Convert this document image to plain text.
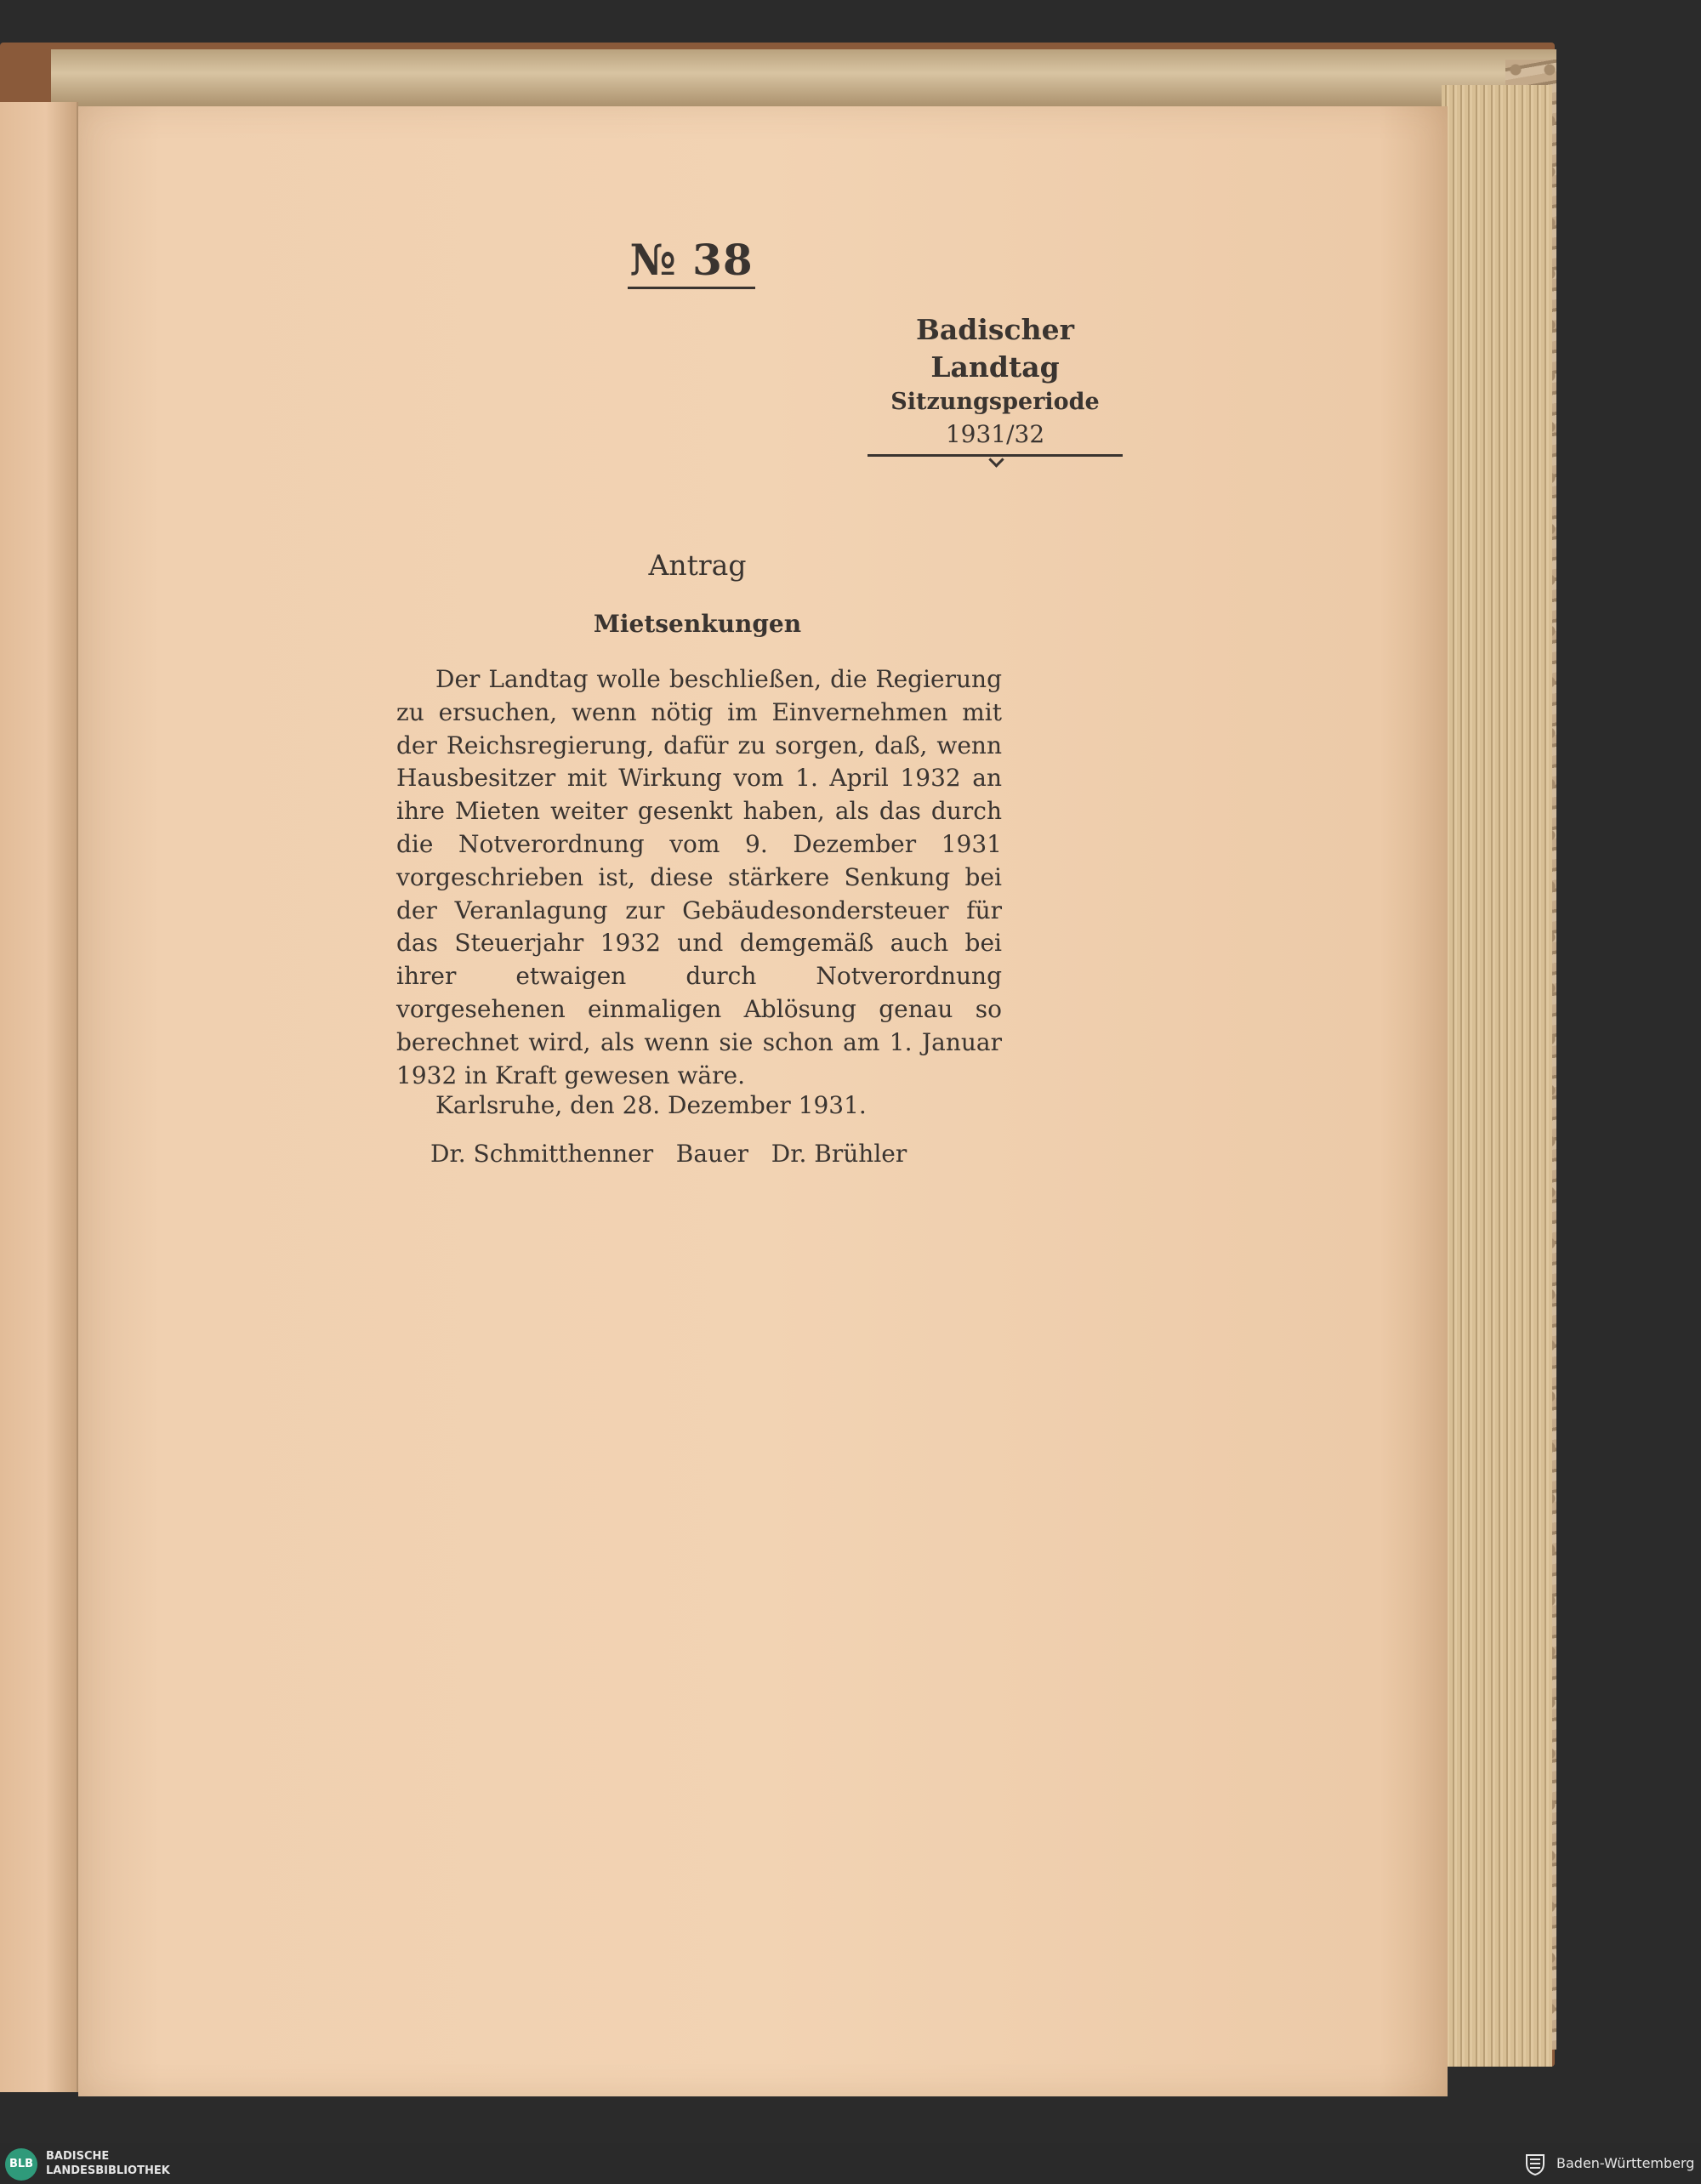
№ 38
Badischer Landtag
Sitzungsperiode
1931/32
Antrag
Mietsenkungen
Der Landtag wolle beschließen, die Regierung zu ersuchen, wenn nötig im Einvernehmen mit der Reichsregierung, dafür zu sorgen, daß, wenn Hausbesitzer mit Wirkung vom 1. April 1932 an ihre Mieten weiter gesenkt haben, als das durch die Notverordnung vom 9. Dezember 1931 vorgeschrieben ist, diese stärkere Senkung bei der Veranlagung zur Gebäudesondersteuer für das Steuerjahr 1932 und demgemäß auch bei ihrer etwaigen durch Notverordnung vorgesehenen einmaligen Ablösung genau so berechnet wird, als wenn sie schon am 1. Januar 1932 in Kraft gewesen wäre.
Karlsruhe, den 28. Dezember 1931.
Dr. Schmitthenner   Bauer   Dr. Brühler
BLB
BADISCHE
LANDESBIBLIOTHEK	Baden-Württemberg
